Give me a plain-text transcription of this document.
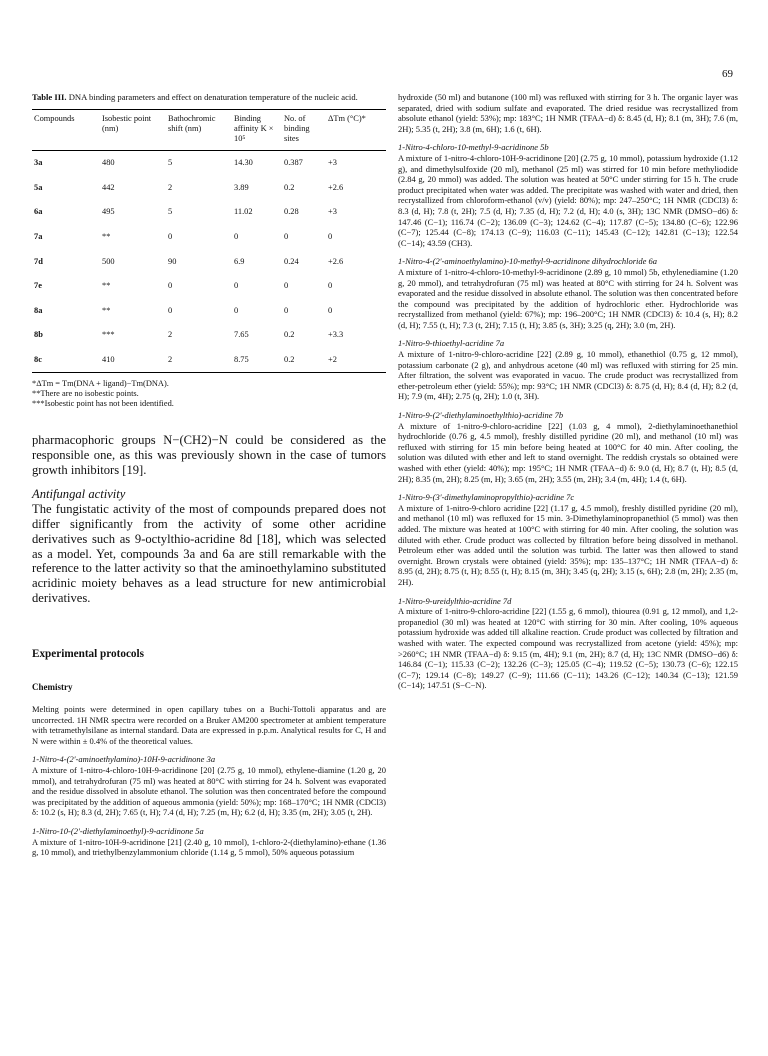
69

Table III. DNA binding parameters and effect on denaturation temperature of the nucleic acid.

Compounds	Isobestic point (nm)	Bathochromic shift (nm)	Binding affinity K × 10⁵	No. of binding sites	ΔTm (°C)*
3a	480	5	14.30	0.387	+3
5a	442	2	3.89	0.2	+2.6
6a	495	5	11.02	0.28	+3
7a	**	0	0	0	0
7d	500	90	6.9	0.24	+2.6
7e	**	0	0	0	0
8a	**	0	0	0	0
8b	***	2	7.65	0.2	+3.3
8c	410	2	8.75	0.2	+2
*ΔTm = Tm(DNA + ligand)−Tm(DNA).
**There are no isobestic points.
***Isobestic point has not been identified.

pharmacophoric groups N−(CH2)−N could be considered as the responsible one, as this was previously shown in the case of tumors growth inhibitors [19].

Antifungal activity

The fungistatic activity of the most of compounds prepared does not differ significantly from the activity of some other acridine derivatives such as 9-octylthio-acridine 8d [18], which was selected as a model. Yet, compounds 3a and 6a are still remarkable with the reference to the latter activity so that the aminoethylamino substituted acridinic moiety behaves as a lead structure for new antimicrobial derivatives.

Experimental protocols
Chemistry

Melting points were determined in open capillary tubes on a Buchi-Tottoli apparatus and are uncorrected. 1H NMR spectra were recorded on a Bruker AM200 spectrometer at ambient temperature with tetramethylsilane as internal standard. Data are expressed in p.p.m. Analytical results for C, H and N were within ± 0.4% of the theoretical values.

1-Nitro-4-(2′-aminoethylamino)-10H-9-acridinone 3a

A mixture of 1-nitro-4-chloro-10H-9-acridinone [20] (2.75 g, 10 mmol), ethylene-diamine (1.20 g, 20 mmol), and tetrahydrofuran (75 ml) was heated at 80°C with stirring for 24 h. Solvent was evaporated and the residue dissolved in absolute ethanol. The solution was then concentrated before the compound was precipitated by the addition of aqueous ammonia (yield: 50%); mp: 168–170°C; 1H NMR (CDCl3) δ: 10.2 (s, H); 8.3 (d, 2H); 7.65 (t, H); 7.4 (d, H); 7.25 (m, H); 6.2 (d, H); 3.35 (m, 2H); 3.05 (t, 2H).

1-Nitro-10-(2′-diethylaminoethyl)-9-acridinone 5a

A mixture of 1-nitro-10H-9-acridinone [21] (2.40 g, 10 mmol), 1-chloro-2-(diethylamino)-ethane (1.36 g, 10 mmol), and triethylbenzylammonium chloride (1.14 g, 5 mmol), 50% aqueous potassium

hydroxide (50 ml) and butanone (100 ml) was refluxed with stirring for 3 h. The organic layer was separated, dried with sodium sulfate and evaporated. The dried residue was recrystallized from absolute ethanol (yield: 53%); mp: 183°C; 1H NMR (TFAA−d) δ: 8.45 (d, H); 8.1 (m, 3H); 7.6 (m, 2H); 5.35 (t, 2H); 3.8 (m, 6H); 1.6 (t, 6H).

1-Nitro-4-chloro-10-methyl-9-acridinone 5b

A mixture of 1-nitro-4-chloro-10H-9-acridinone [20] (2.75 g, 10 mmol), potassium hydroxide (1.12 g), and dimethylsulfoxide (20 ml), methanol (25 ml) was stirred for 10 min before methyliodide (2.84 g, 20 mmol) was added. The solution was heated at 50°C under stirring for 15 h. The crude product precipitated when water was added. The precipitate was washed with water and dried, then recrystallized from chloroform-ethanol (v/v) (yield: 80%); mp: 247–250°C; 1H NMR (CDCl3) δ: 8.3 (d, H); 7.8 (t, 2H); 7.5 (d, H); 7.35 (d, H); 7.2 (d, H); 4.0 (s, 3H); 13C NMR (DMSO−d6) δ: 147.46 (C−1); 116.74 (C−2); 136.09 (C−3); 124.62 (C−4); 117.87 (C−5); 134.80 (C−6); 122.96 (C−7); 125.44 (C−8); 174.13 (C−9); 116.03 (C−11); 145.43 (C−12); 142.81 (C−13); 122.54 (C−14); 43.59 (CH3).

1-Nitro-4-(2′-aminoethylamino)-10-methyl-9-acridinone dihydrochloride 6a

A mixture of 1-nitro-4-chloro-10-methyl-9-acridinone (2.89 g, 10 mmol) 5b, ethylenediamine (1.20 g, 20 mmol), and tetrahydrofuran (75 ml) was heated at 80°C with stirring for 24 h. Solvent was evaporated and the residue dissolved in absolute ethanol. The solution was then concentrated before the compound was precipitated by the addition of hydrochloric ether. Hydrochloride was recrystallized from methanol (yield: 67%); mp: 196–200°C; 1H NMR (CDCl3) δ: 10.4 (s, H); 8.2 (d, H); 7.55 (t, H); 7.3 (t, 2H); 7.15 (t, H); 3.85 (s, 3H); 3.25 (q, 2H); 3.0 (m, 2H).

1-Nitro-9-thioethyl-acridine 7a

A mixture of 1-nitro-9-chloro-acridine [22] (2.89 g, 10 mmol), ethanethiol (0.75 g, 12 mmol), potassium carbonate (2 g), and anhydrous acetone (40 ml) was refluxed with stirring for 25 min. After filtration, the solvent was evaporated in vacuo. The crude product was recrystallized from ether-petroleum ether (yield: 55%); mp: 93°C; 1H NMR (CDCl3) δ: 8.75 (d, H); 8.4 (d, H); 8.2 (d, H); 7.9 (m, 4H); 2.75 (q, 2H); 1.0 (t, 3H).

1-Nitro-9-(2′-diethylaminoethylthio)-acridine 7b

A mixture of 1-nitro-9-chloro-acridine [22] (1.03 g, 4 mmol), 2-diethylaminoethanethiol hydrochloride (0.76 g, 4.5 mmol), freshly distilled pyridine (20 ml), and methanol (10 ml) was refluxed with stirring for 15 min before being heated at 100°C for 40 min. After cooling, the solution was diluted with ether and left to stand overnight. The reddish crystals so obtained were washed with ether (yield: 40%); mp: 195°C; 1H NMR (TFAA−d) δ: 9.0 (d, H); 8.7 (t, H); 8.5 (d, 2H); 8.35 (m, 2H); 8.25 (m, H); 3.65 (m, 2H); 3.55 (m, 2H); 3.4 (m, 4H); 1.4 (t, 6H).

1-Nitro-9-(3′-dimethylaminopropylthio)-acridine 7c

A mixture of 1-nitro-9-chloro acridine [22] (1.17 g, 4.5 mmol), freshly distilled pyridine (20 ml), and methanol (10 ml) was refluxed for 15 min. 3-Dimethylaminopropanethiol (5 mmol) was then added. The mixture was heated at 100°C with stirring for 40 min. After cooling, the solution was diluted with ether. Crude product was collected by filtration before being dissolved in methanol. Petroleum ether was added until the solution was turbid. The latter was then allowed to stand overnight. Brown crystals were obtained (yield: 35%); mp: 135–137°C; 1H NMR (TFAA−d) δ: 8.95 (d, 2H); 8.75 (t, H); 8.55 (t, H); 8.15 (m, 3H); 3.45 (q, 2H); 3.15 (s, 6H); 2.8 (m, 2H); 2.35 (m, 2H).

1-Nitro-9-ureidylthio-acridine 7d

A mixture of 1-nitro-9-chloro-acridine [22] (1.55 g, 6 mmol), thiourea (0.91 g, 12 mmol), and 1,2-propanediol (30 ml) was heated at 120°C with stirring for 30 min. After cooling, 10% aqueous potassium hydroxide was added till alkaline reaction. Crude product was collected by filtration and washed with water. The expected compound was recrystallized from acetone (yield: 45%); mp: >260°C; 1H NMR (TFAA−d) δ: 9.15 (m, 4H); 9.1 (m, 2H); 8.7 (d, H); 13C NMR (DMSO−d6) δ: 146.84 (C−1); 115.33 (C−2); 132.26 (C−3); 125.05 (C−4); 119.52 (C−5); 130.73 (C−6); 122.15 (C−7); 129.14 (C−8); 149.27 (C−9); 111.66 (C−11); 143.26 (C−12); 140.34 (C−13); 121.59 (C−14); 147.51 (S−C−N).
